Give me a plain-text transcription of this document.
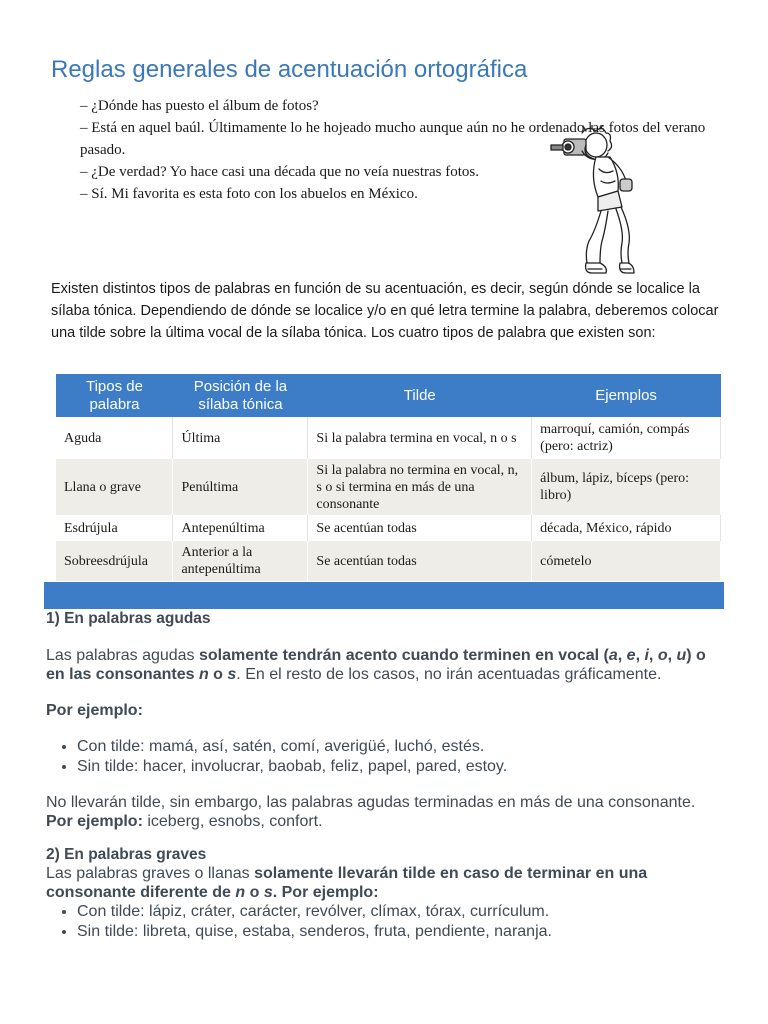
Reglas generales de acentuación ortográfica

– ¿Dónde has puesto el álbum de fotos?

– Está en aquel baúl. Últimamente lo he hojeado mucho aunque aún no he ordenado las fotos del verano pasado.

– ¿De verdad? Yo hace casi una década que no veía nuestras fotos.

– Sí. Mi favorita es esta foto con los abuelos en México.

Existen distintos tipos de palabras en función de su acentuación, es decir, según dónde se localice la sílaba tónica. Dependiendo de dónde se localice y/o en qué letra termine la palabra, deberemos colocar una tilde sobre la última vocal de la sílaba tónica. Los cuatro tipos de palabra que existen son:

Tipos de palabra	Posición de la sílaba tónica	Tilde	Ejemplos
Aguda	Última	Si la palabra termina en vocal, n o s	marroquí, camión, compás (pero: actriz)
Llana o grave	Penúltima	Si la palabra no termina en vocal, n, s o si termina en más de una consonante	álbum, lápiz, bíceps (pero: libro)
Esdrújula	Antepenúltima	Se acentúan todas	década, México, rápido
Sobreesdrújula	Anterior a la antepenúltima	Se acentúan todas	cómetelo
1) En palabras agudas

Las palabras agudas solamente tendrán acento cuando terminen en vocal (a, e, i, o, u) o en las consonantes n o s. En el resto de los casos, no irán acentuadas gráficamente.

Por ejemplo:

• Con tilde: mamá, así, satén, comí, averigüé, luchó, estés.
• Sin tilde: hacer, involucrar, baobab, feliz, papel, pared, estoy.

No llevarán tilde, sin embargo, las palabras agudas terminadas en más de una consonante. Por ejemplo: iceberg, esnobs, confort.

2) En palabras graves

Las palabras graves o llanas solamente llevarán tilde en caso de terminar en una consonante diferente de n o s. Por ejemplo:

• Con tilde: lápiz, cráter, carácter, revólver, clímax, tórax, currículum.
• Sin tilde: libreta, quise, estaba, senderos, fruta, pendiente, naranja.
